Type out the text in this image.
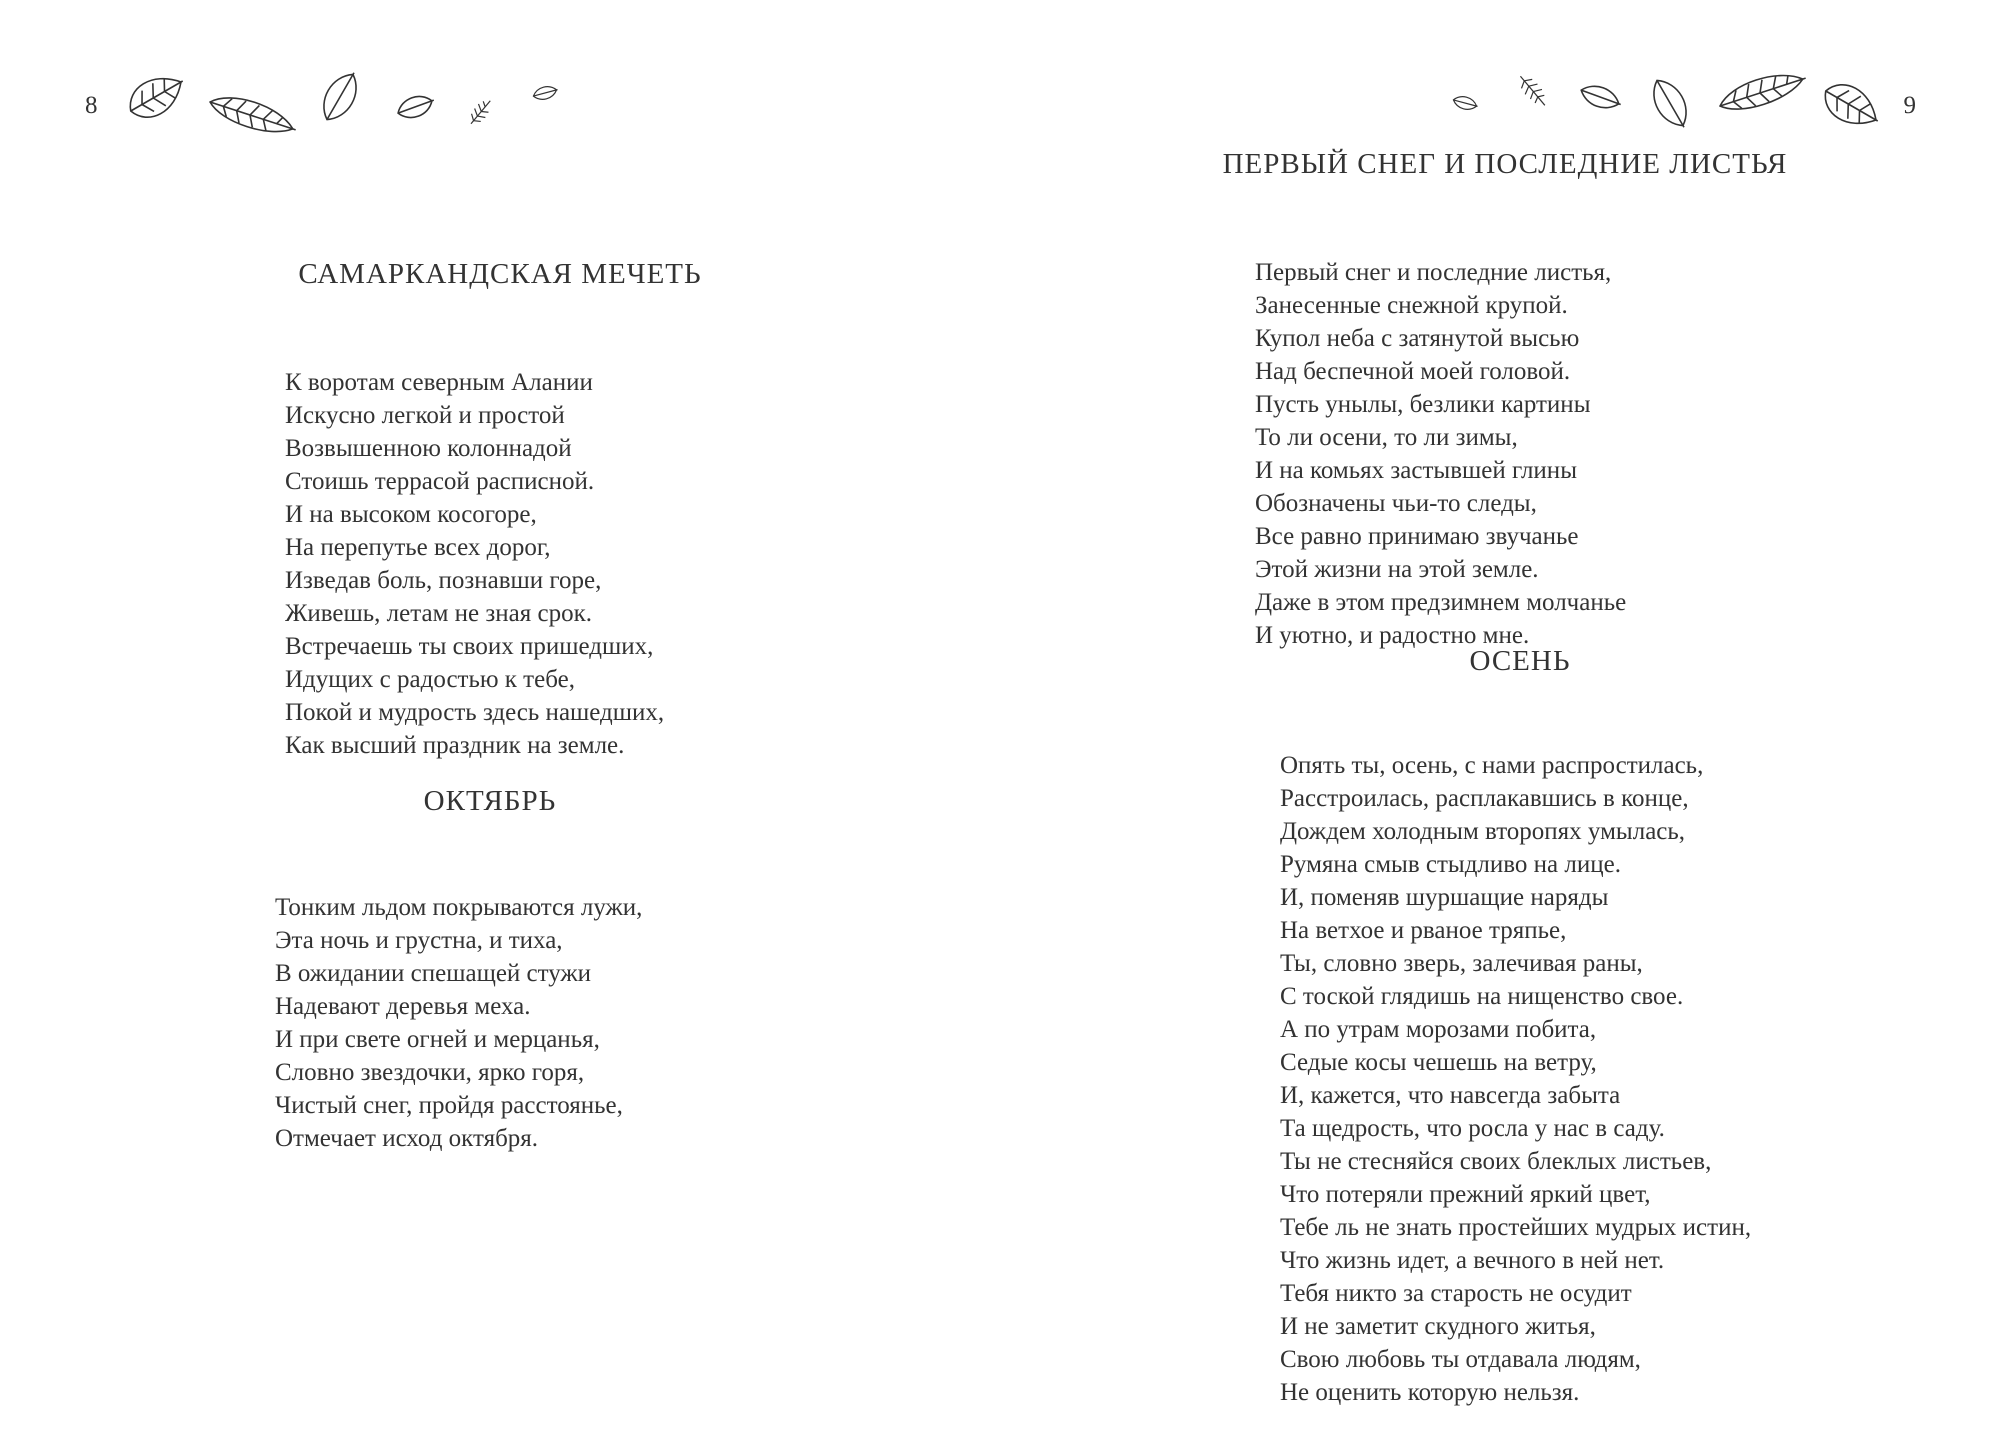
8
САМАРКАНДСКАЯ МЕЧЕТЬ
К воротам северным Алании
Искусно легкой и простой
Возвышенною колоннадой
Стоишь террасой расписной.
И на высоком косогоре,
На перепутье всех дорог,
Изведав боль, познавши горе,
Живешь, летам не зная срок.
Встречаешь ты своих пришедших,
Идущих с радостью к тебе,
Покой и мудрость здесь нашедших,
Как высший праздник на земле.
ОКТЯБРЬ
Тонким льдом покрываются лужи,
Эта ночь и грустна, и тиха,
В ожидании спешащей стужи
Надевают деревья меха.
И при свете огней и мерцанья,
Словно звездочки, ярко горя,
Чистый снег, пройдя расстоянье,
Отмечает исход октября.
9
ПЕРВЫЙ СНЕГ И ПОСЛЕДНИЕ ЛИСТЬЯ
Первый снег и последние листья,
Занесенные снежной крупой.
Купол неба с затянутой высью
Над беспечной моей головой.
Пусть унылы, безлики картины
То ли осени, то ли зимы,
И на комьях застывшей глины
Обозначены чьи-то следы,
Все равно принимаю звучанье
Этой жизни на этой земле.
Даже в этом предзимнем молчанье
И уютно, и радостно мне.
ОСЕНЬ
Опять ты, осень, с нами распростилась,
Расстроилась, расплакавшись в конце,
Дождем холодным второпях умылась,
Румяна смыв стыдливо на лице.
И, поменяв шуршащие наряды
На ветхое и рваное тряпье,
Ты, словно зверь, залечивая раны,
С тоской глядишь на нищенство свое.
А по утрам морозами побита,
Седые косы чешешь на ветру,
И, кажется, что навсегда забыта
Та щедрость, что росла у нас в саду.
Ты не стесняйся своих блеклых листьев,
Что потеряли прежний яркий цвет,
Тебе ль не знать простейших мудрых истин,
Что жизнь идет, а вечного в ней нет.
Тебя никто за старость не осудит
И не заметит скудного житья,
Свою любовь ты отдавала людям,
Не оценить которую нельзя.
